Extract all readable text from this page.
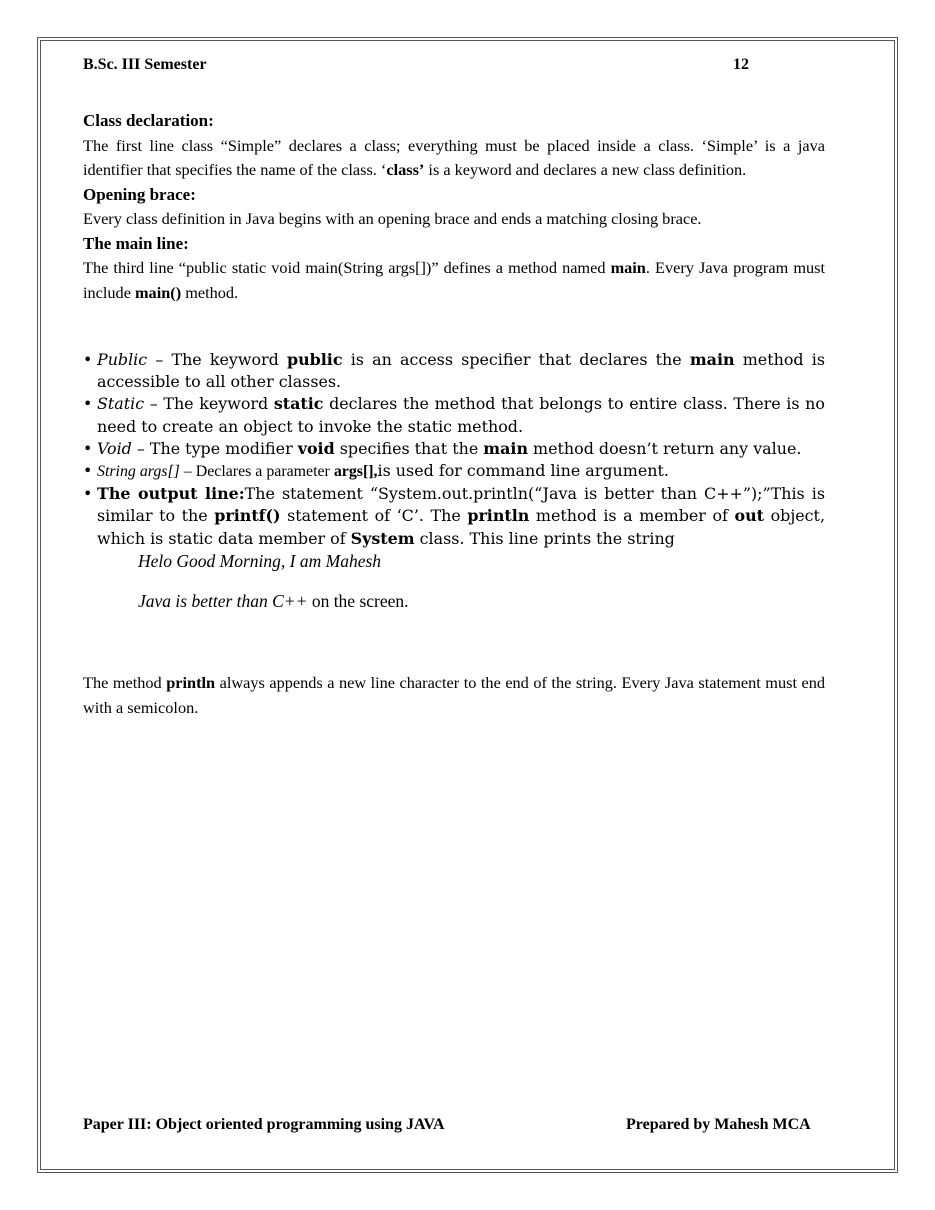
B.Sc. III Semester	12
Class declaration:
The first line class “Simple” declares a class; everything must be placed inside a class. ‘Simple’ is a java identifier that specifies the name of the class. ‘class’ is a keyword and declares a new class definition.
Opening brace:
Every class definition in Java begins with an opening brace and ends a matching closing brace.
The main line:
The third line “public static void main(String args[])” defines a method named main. Every Java program must include main() method.
• Public – The keyword public is an access specifier that declares the main method is accessible to all other classes.
• Static – The keyword static declares the method that belongs to entire class. There is no need to create an object to invoke the static method.
• Void – The type modifier void specifies that the main method doesn’t return any value.
• String args[] – Declares a parameter args[],is used for command line argument.
• The output line:The statement “System.out.println(“Java is better than C++”);”This is similar to the printf() statement of ‘C’. The println method is a member of out object, which is static data member of System class. This line prints the string
Helo Good Morning, I am Mahesh
Java is better than C++ on the screen.
The method println always appends a new line character to the end of the string. Every Java statement must end with a semicolon.
Paper III: Object oriented programming using JAVA	Prepared by Mahesh MCA
